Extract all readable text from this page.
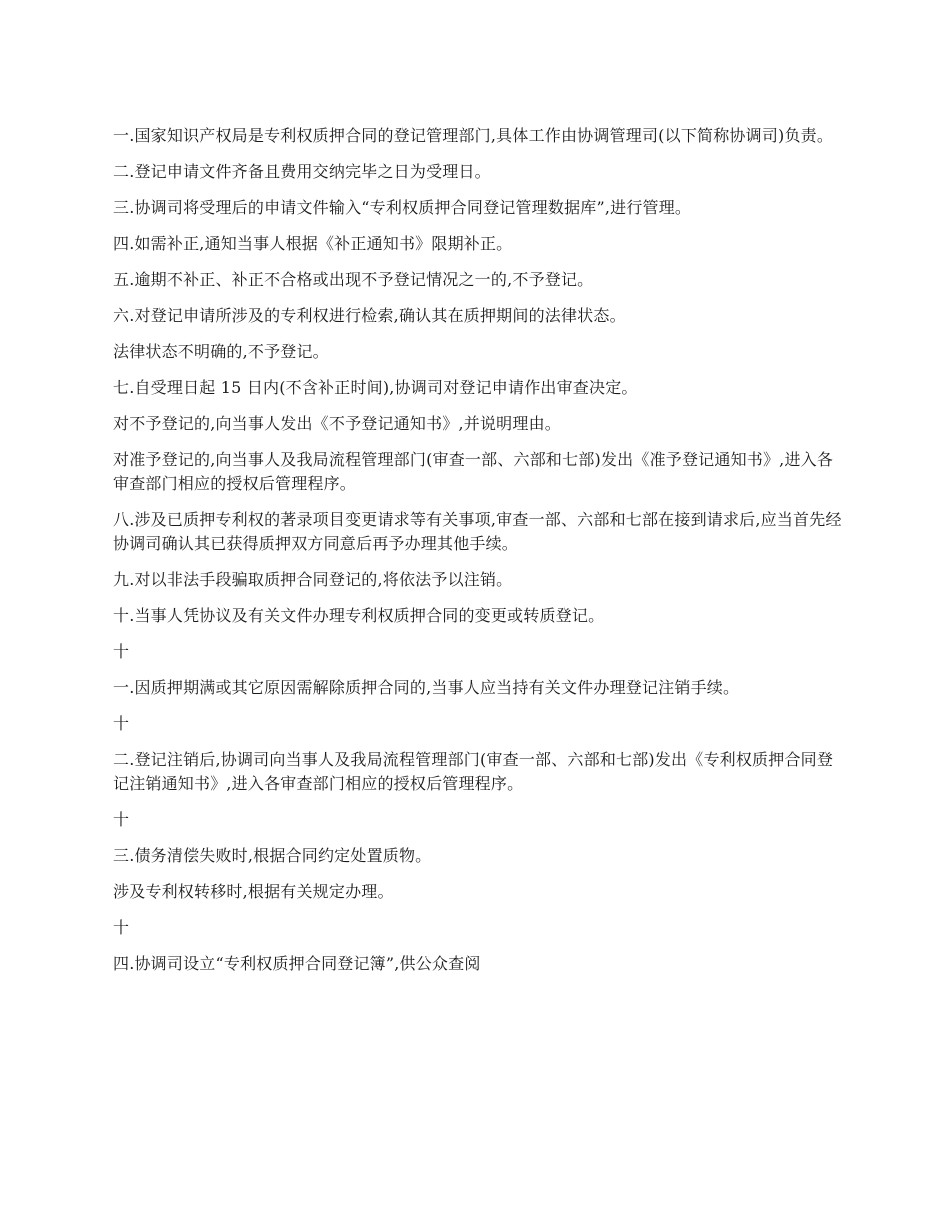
一.国家知识产权局是专利权质押合同的登记管理部门,具体工作由协调管理司(以下简称协调司)负责。

二.登记申请文件齐备且费用交纳完毕之日为受理日。

三.协调司将受理后的申请文件输入“专利权质押合同登记管理数据库”,进行管理。

四.如需补正,通知当事人根据《补正通知书》限期补正。

五.逾期不补正、补正不合格或出现不予登记情况之一的,不予登记。

六.对登记申请所涉及的专利权进行检索,确认其在质押期间的法律状态。

法律状态不明确的,不予登记。

七.自受理日起 15 日内(不含补正时间),协调司对登记申请作出审查决定。

对不予登记的,向当事人发出《不予登记通知书》,并说明理由。

对准予登记的,向当事人及我局流程管理部门(审查一部、六部和七部)发出《准予登记通知书》,进入各审查部门相应的授权后管理程序。

八.涉及已质押专利权的著录项目变更请求等有关事项,审查一部、六部和七部在接到请求后,应当首先经协调司确认其已获得质押双方同意后再予办理其他手续。

九.对以非法手段骗取质押合同登记的,将依法予以注销。

十.当事人凭协议及有关文件办理专利权质押合同的变更或转质登记。

十

一.因质押期满或其它原因需解除质押合同的,当事人应当持有关文件办理登记注销手续。

十

二.登记注销后,协调司向当事人及我局流程管理部门(审查一部、六部和七部)发出《专利权质押合同登记注销通知书》,进入各审查部门相应的授权后管理程序。

十

三.债务清偿失败时,根据合同约定处置质物。

涉及专利权转移时,根据有关规定办理。

十

四.协调司设立“专利权质押合同登记簿”,供公众查阅
